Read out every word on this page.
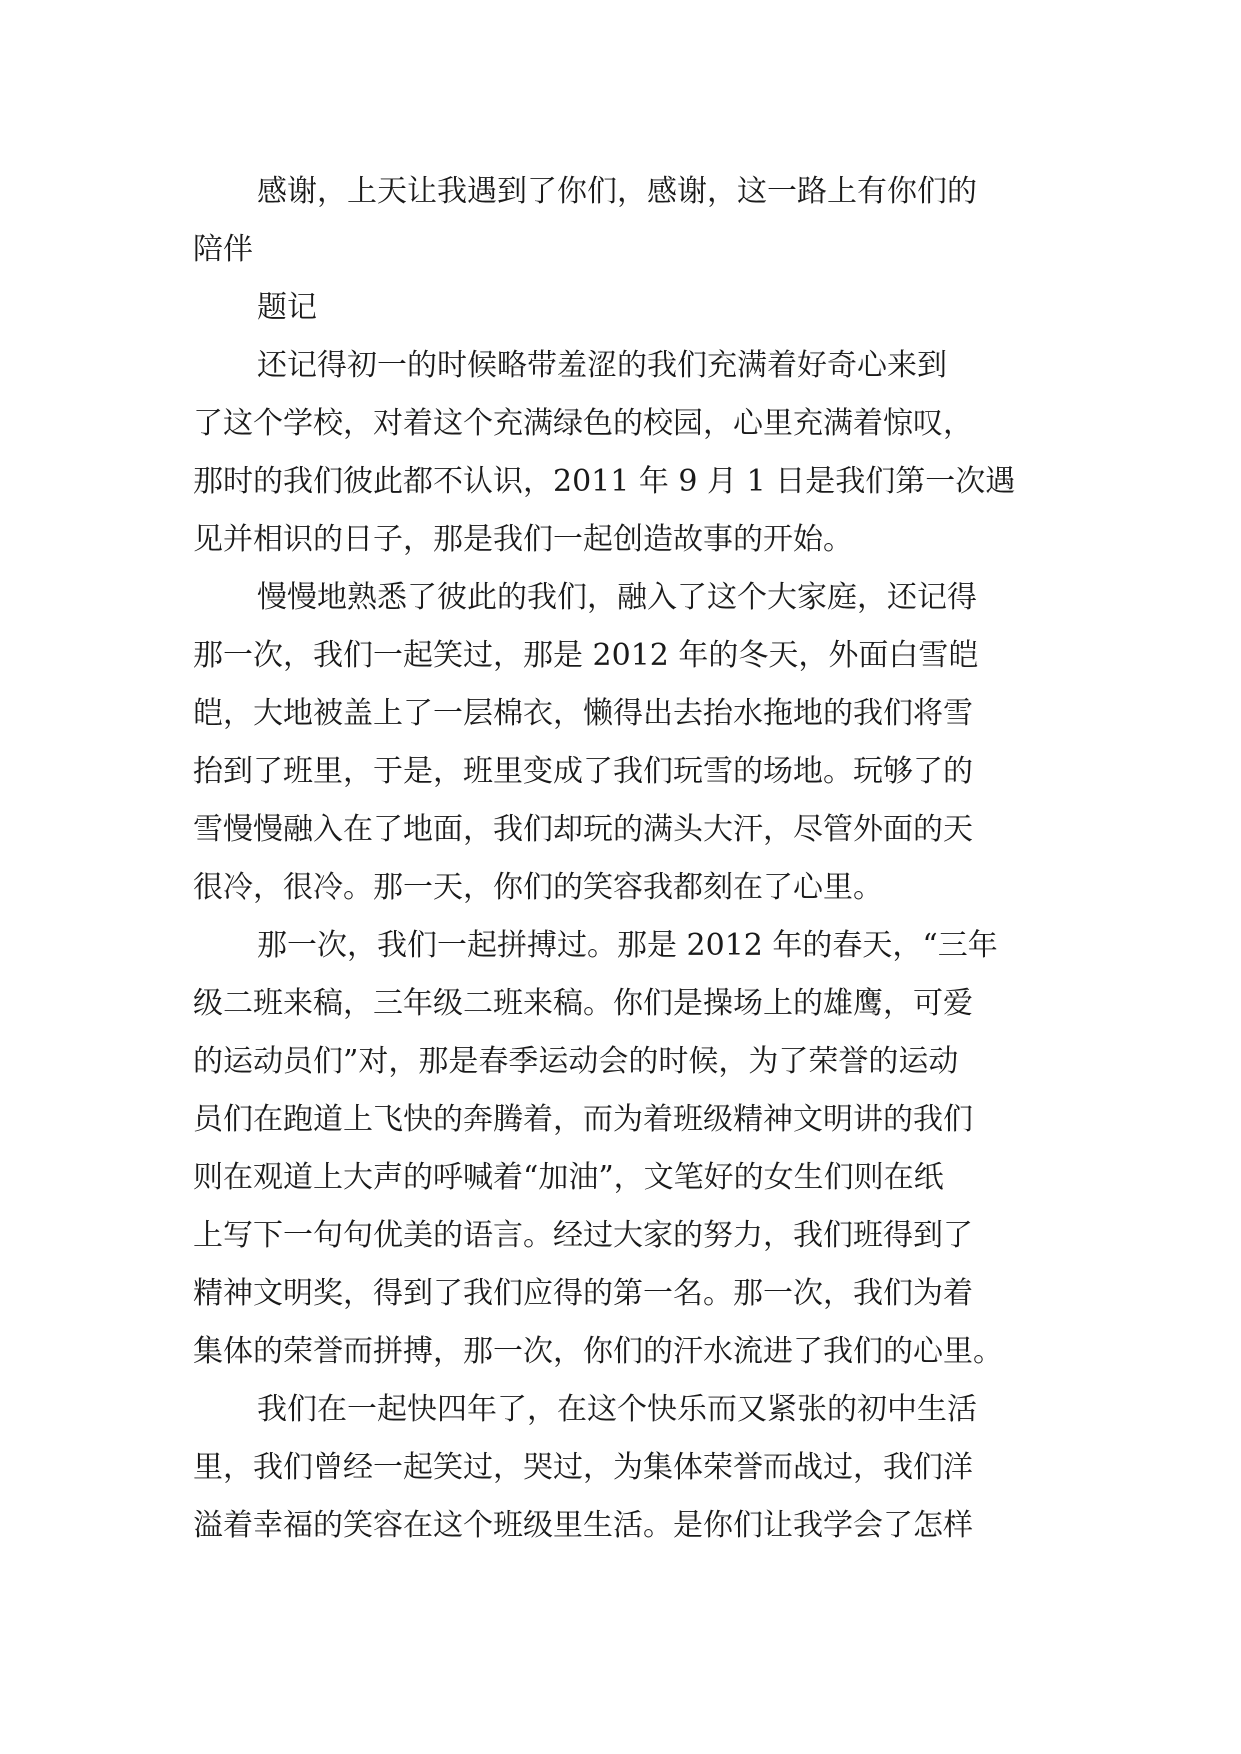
感谢，上天让我遇到了你们，感谢，这一路上有你们的
陪伴
题记
还记得初一的时候略带羞涩的我们充满着好奇心来到
了这个学校，对着这个充满绿色的校园，心里充满着惊叹，
那时的我们彼此都不认识，2011 年 9 月 1 日是我们第一次遇
见并相识的日子，那是我们一起创造故事的开始。
慢慢地熟悉了彼此的我们，融入了这个大家庭，还记得
那一次，我们一起笑过，那是 2012 年的冬天，外面白雪皑
皑，大地被盖上了一层棉衣，懒得出去抬水拖地的我们将雪
抬到了班里，于是，班里变成了我们玩雪的场地。玩够了的
雪慢慢融入在了地面，我们却玩的满头大汗，尽管外面的天
很冷，很冷。那一天，你们的笑容我都刻在了心里。
那一次，我们一起拼搏过。那是 2012 年的春天，“三年
级二班来稿，三年级二班来稿。你们是操场上的雄鹰，可爱
的运动员们”对，那是春季运动会的时候，为了荣誉的运动
员们在跑道上飞快的奔腾着，而为着班级精神文明讲的我们
则在观道上大声的呼喊着“加油”，文笔好的女生们则在纸
上写下一句句优美的语言。经过大家的努力，我们班得到了
精神文明奖，得到了我们应得的第一名。那一次，我们为着
集体的荣誉而拼搏，那一次，你们的汗水流进了我们的心里。
我们在一起快四年了，在这个快乐而又紧张的初中生活
里，我们曾经一起笑过，哭过，为集体荣誉而战过，我们洋
溢着幸福的笑容在这个班级里生活。是你们让我学会了怎样
